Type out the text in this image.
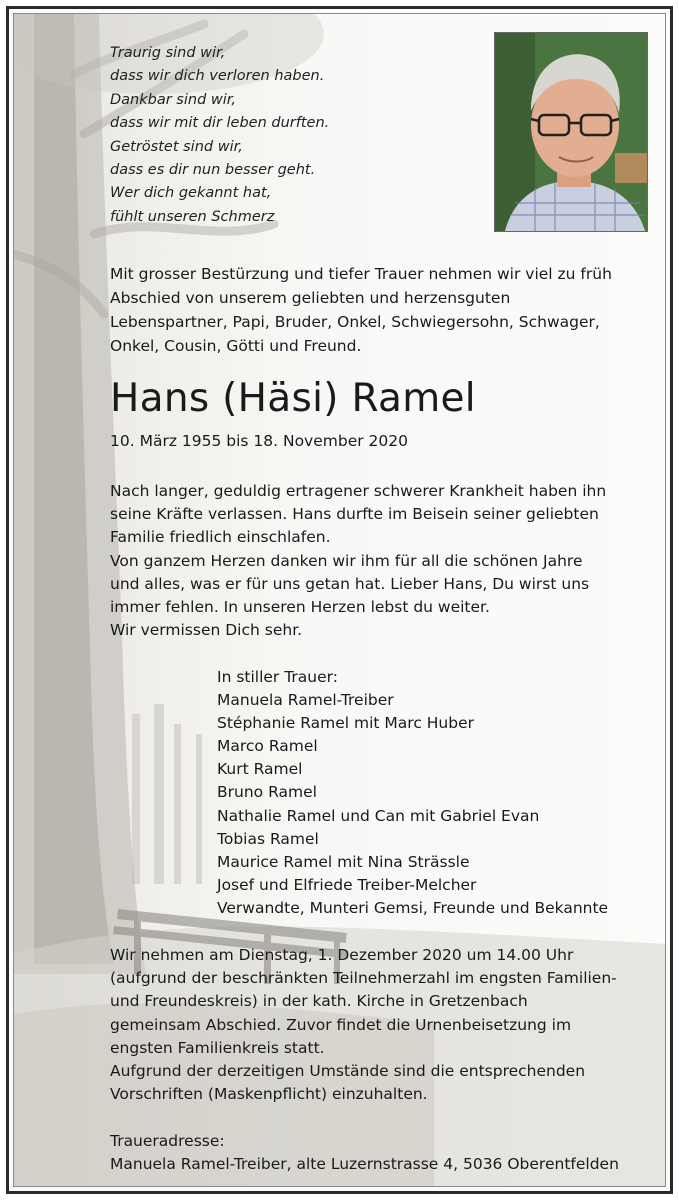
Traurig sind wir,
dass wir dich verloren haben.
Dankbar sind wir,
dass wir mit dir leben durften.
Getröstet sind wir,
dass es dir nun besser geht.
Wer dich gekannt hat,
fühlt unseren Schmerz
Mit grosser Bestürzung und tiefer Trauer nehmen wir viel zu früh
Abschied von unserem geliebten und herzensguten
Lebenspartner, Papi, Bruder, Onkel, Schwiegersohn, Schwager,
Onkel, Cousin, Götti und Freund.
Hans (Häsi) Ramel
10. März 1955 bis 18. November 2020
Nach langer, geduldig ertragener schwerer Krankheit haben ihn
seine Kräfte verlassen. Hans durfte im Beisein seiner geliebten
Familie friedlich einschlafen.
Von ganzem Herzen danken wir ihm für all die schönen Jahre
und alles, was er für uns getan hat. Lieber Hans, Du wirst uns
immer fehlen. In unseren Herzen lebst du weiter.
Wir vermissen Dich sehr.
In stiller Trauer:
Manuela Ramel-Treiber
Stéphanie Ramel mit Marc Huber
Marco Ramel
Kurt Ramel
Bruno Ramel
Nathalie Ramel und Can mit Gabriel Evan
Tobias Ramel
Maurice Ramel mit Nina Strässle
Josef und Elfriede Treiber-Melcher
Verwandte, Munteri Gemsi, Freunde und Bekannte
Wir nehmen am Dienstag, 1. Dezember 2020 um 14.00 Uhr
(aufgrund der beschränkten Teilnehmerzahl im engsten Familien-
und Freundeskreis) in der kath. Kirche in Gretzenbach
gemeinsam Abschied. Zuvor findet die Urnenbeisetzung im
engsten Familienkreis statt.
Aufgrund der derzeitigen Umstände sind die entsprechenden
Vorschriften (Maskenpflicht) einzuhalten.
Traueradresse:
Manuela Ramel-Treiber, alte Luzernstrasse 4, 5036 Oberentfelden
